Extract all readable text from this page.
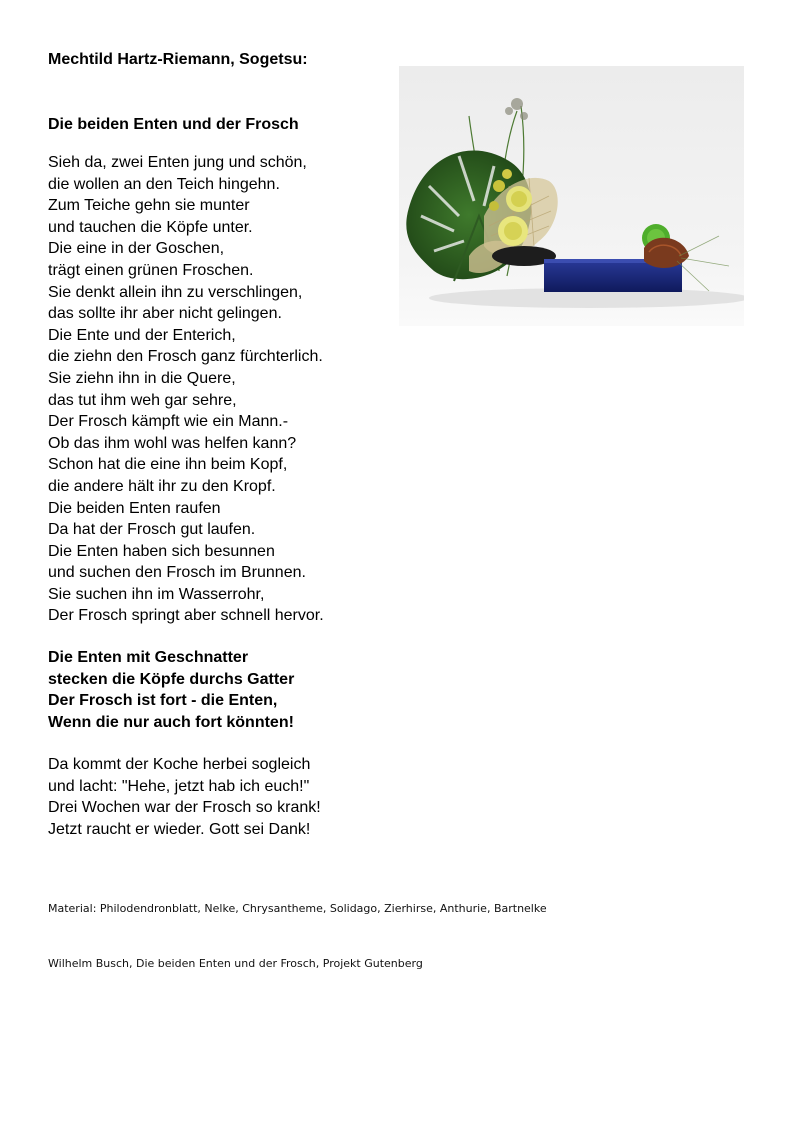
Mechtild Hartz-Riemann, Sogetsu:

Die beiden Enten und der Frosch

Sieh da, zwei Enten jung und schön,
die wollen an den Teich hingehn.
Zum Teiche gehn sie munter
und tauchen die Köpfe unter.
Die eine in der Goschen,
trägt einen grünen Froschen.
Sie denkt allein ihn zu verschlingen,
das sollte ihr aber nicht gelingen.
Die Ente und der Enterich,
die ziehn den Frosch ganz fürchterlich.
Sie ziehn ihn in die Quere,
das tut ihm weh gar sehre,
Der Frosch kämpft wie ein Mann.-
Ob das ihm wohl was helfen kann?
Schon hat die eine ihn beim Kopf,
die andere hält ihr zu den Kropf.
Die beiden Enten raufen
Da hat der Frosch gut laufen.
Die Enten haben sich besunnen
und suchen den Frosch im Brunnen.
Sie suchen ihn im Wasserrohr,
Der Frosch springt aber schnell hervor.
Die Enten mit Geschnatter
stecken die Köpfe durchs Gatter
Der Frosch ist fort - die Enten,
Wenn die nur auch fort könnten!
Da kommt der Koche herbei sogleich
und lacht: "Hehe, jetzt hab ich euch!"
Drei Wochen war der Frosch so krank!
Jetzt raucht er wieder. Gott sei Dank!

Material: Philodendronblatt, Nelke, Chrysantheme, Solidago, Zierhirse, Anthurie, Bartnelke

Wilhelm Busch, Die beiden Enten und der Frosch, Projekt Gutenberg
